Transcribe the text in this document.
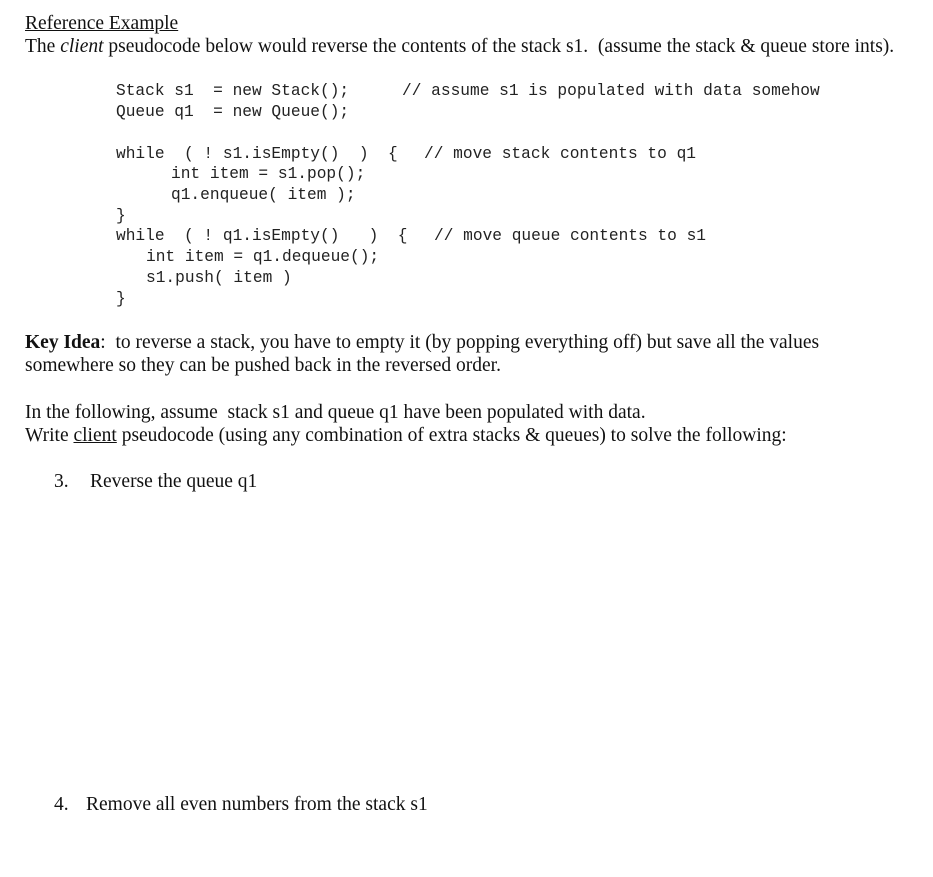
Reference Example
The client pseudocode below would reverse the contents of the stack s1.  (assume the stack & queue store ints).
Stack s1  = new Stack();	// assume s1 is populated with data somehow
Queue q1  = new Queue();
while  ( ! s1.isEmpty()  )  { // move stack contents to q1
int item = s1.pop();
q1.enqueue( item );
}
while  ( ! q1.isEmpty()   )  { // move queue contents to s1
int item = q1.dequeue();
s1.push( item )
}
Key Idea:  to reverse a stack, you have to empty it (by popping everything off) but save all the values
somewhere so they can be pushed back in the reversed order.
In the following, assume  stack s1 and queue q1 have been populated with data.
Write client pseudocode (using any combination of extra stacks & queues) to solve the following:
3. Reverse the queue q1
4. Remove all even numbers from the stack s1
